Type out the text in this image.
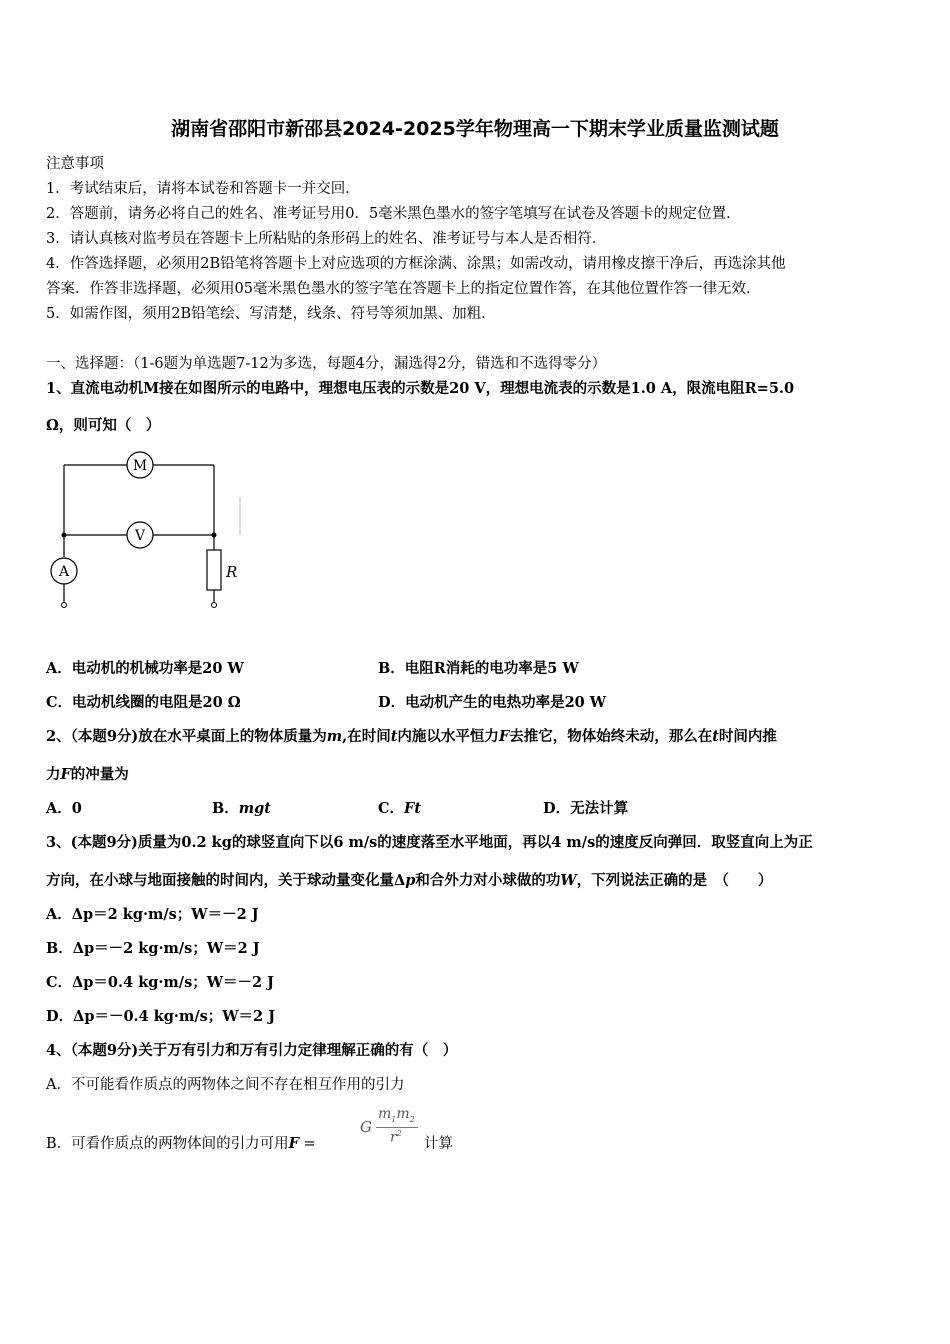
湖南省邵阳市新邵县2024-2025学年物理高一下期末学业质量监测试题
注意事项
1．考试结束后，请将本试卷和答题卡一并交回．
2．答题前，请务必将自己的姓名、准考证号用0．5毫米黑色墨水的签字笔填写在试卷及答题卡的规定位置．
3．请认真核对监考员在答题卡上所粘贴的条形码上的姓名、准考证号与本人是否相符．
4．作答选择题，必须用2B铅笔将答题卡上对应选项的方框涂满、涂黑；如需改动，请用橡皮擦干净后，再选涂其他
答案．作答非选择题，必须用05毫米黑色墨水的签字笔在答题卡上的指定位置作答，在其他位置作答一律无效．
5．如需作图，须用2B铅笔绘、写清楚，线条、符号等须加黑、加粗．
一、选择题：（1-6题为单选题7-12为多选，每题4分，漏选得2分，错选和不选得零分）
1、直流电动机M接在如图所示的电路中，理想电压表的示数是20 V，理想电流表的示数是1.0 A，限流电阻R=5.0
Ω，则可知（　）
M
V
A	R
A．电动机的机械功率是20 W	B．电阻R消耗的电功率是5 W
C．电动机线圈的电阻是20 Ω	D．电动机产生的电热功率是20 W
2、（本题9分)放在水平桌面上的物体质量为m,在时间t内施以水平恒力F去推它，物体始终未动，那么在t时间内推
力F的冲量为
A．0	B．mgt	C．Ft	D．无法计算
3、(本题9分)质量为0.2 kg的球竖直向下以6 m/s的速度落至水平地面，再以4 m/s的速度反向弹回．取竖直向上为正
方向，在小球与地面接触的时间内，关于球动量变化量Δp和合外力对小球做的功W，下列说法正确的是　（　　）
A．Δp＝2 kg·m/s；W＝－2 J
B．Δp＝－2 kg·m/s；W＝2 J
C．Δp＝0.4 kg·m/s；W＝－2 J
D．Δp＝－0.4 kg·m/s；W＝2 J
4、（本题9分)关于万有引力和万有引力定律理解正确的有（　）
A．不可能看作质点的两物体之间不存在相互作用的引力
B．可看作质点的两物体间的引力可用F =
G
$m_1m_2$
$r^2$
计算
